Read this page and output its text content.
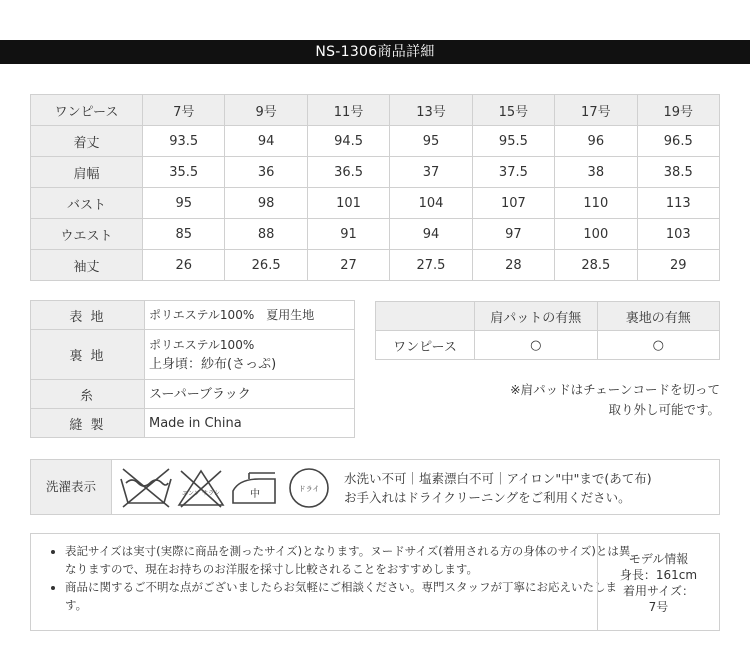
NS-1306商品詳細
ワンピース	7号	9号	11号	13号	15号	17号	19号
着丈	93.5	94	94.5	95	95.5	96	96.5
肩幅	35.5	36	36.5	37	37.5	38	38.5
バスト	95	98	101	104	107	110	113
ウエスト	85	88	91	94	97	100	103
袖丈	26	26.5	27	27.5	28	28.5	29
表 地	ポリエステル100%　夏用生地
裏 地	ポリエステル100%
上身頃：紗布(さっぷ)

糸	スーパーブラック
縫 製	Made in China
	肩パットの有無	裏地の有無
ワンピース	○	○
※肩パッドはチェーンコードを切って
取り外し可能です。
洗濯表示	エンソ サラシ	中	ドライ
水洗い不可｜塩素漂白不可｜アイロン"中"まで(あて布)
お手入れはドライクリーニングをご利用ください。
• 表記サイズは実寸(実際に商品を測ったサイズ)となります。ヌードサイズ(着用される方の身体のサイズ)とは異なりますので、現在お持ちのお洋服を採寸し比較されることをおすすめします。
• 商品に関するご不明な点がございましたらお気軽にご相談ください。専門スタッフが丁寧にお応えいたします。
モデル情報
身長：161cm
着用サイズ：
7号
